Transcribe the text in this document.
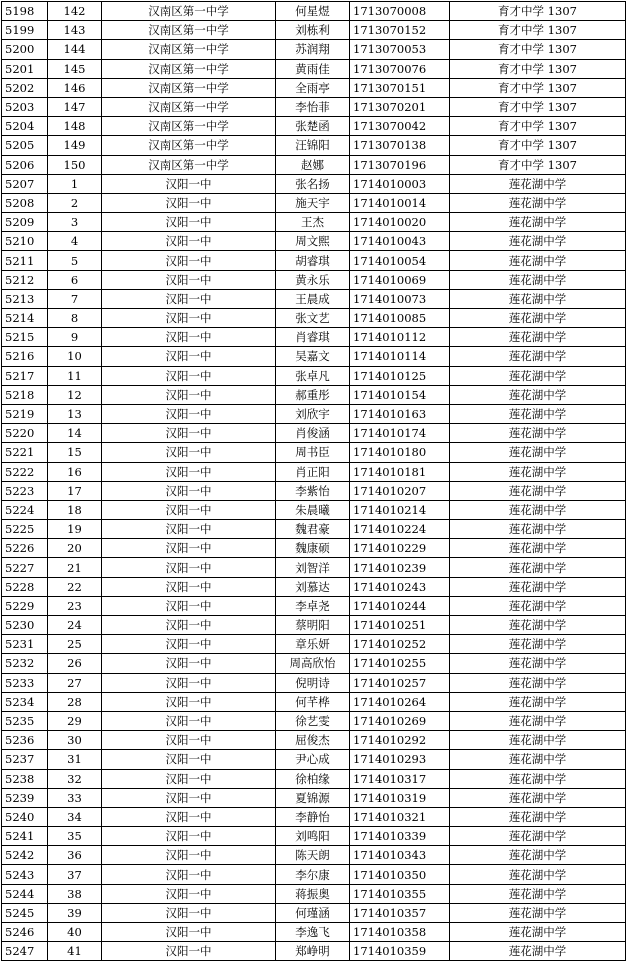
5198	142	汉南区第一中学	何星煜	1713070008	育才中学 1307
5199	143	汉南区第一中学	刘栋利	1713070152	育才中学 1307
5200	144	汉南区第一中学	苏润翔	1713070053	育才中学 1307
5201	145	汉南区第一中学	黄雨佳	1713070076	育才中学 1307
5202	146	汉南区第一中学	全雨亭	1713070151	育才中学 1307
5203	147	汉南区第一中学	李怡菲	1713070201	育才中学 1307
5204	148	汉南区第一中学	张楚函	1713070042	育才中学 1307
5205	149	汉南区第一中学	汪锦阳	1713070138	育才中学 1307
5206	150	汉南区第一中学	赵娜	1713070196	育才中学 1307
5207	1	汉阳一中	张名扬	1714010003	莲花湖中学
5208	2	汉阳一中	施天宇	1714010014	莲花湖中学
5209	3	汉阳一中	王杰	1714010020	莲花湖中学
5210	4	汉阳一中	周文熙	1714010043	莲花湖中学
5211	5	汉阳一中	胡睿琪	1714010054	莲花湖中学
5212	6	汉阳一中	黄永乐	1714010069	莲花湖中学
5213	7	汉阳一中	王晨成	1714010073	莲花湖中学
5214	8	汉阳一中	张文艺	1714010085	莲花湖中学
5215	9	汉阳一中	肖睿琪	1714010112	莲花湖中学
5216	10	汉阳一中	吴嘉文	1714010114	莲花湖中学
5217	11	汉阳一中	张卓凡	1714010125	莲花湖中学
5218	12	汉阳一中	郝重彤	1714010154	莲花湖中学
5219	13	汉阳一中	刘欣宇	1714010163	莲花湖中学
5220	14	汉阳一中	肖俊涵	1714010174	莲花湖中学
5221	15	汉阳一中	周书臣	1714010180	莲花湖中学
5222	16	汉阳一中	肖正阳	1714010181	莲花湖中学
5223	17	汉阳一中	李紫怡	1714010207	莲花湖中学
5224	18	汉阳一中	朱晨曦	1714010214	莲花湖中学
5225	19	汉阳一中	魏君豪	1714010224	莲花湖中学
5226	20	汉阳一中	魏康硕	1714010229	莲花湖中学
5227	21	汉阳一中	刘智洋	1714010239	莲花湖中学
5228	22	汉阳一中	刘慕达	1714010243	莲花湖中学
5229	23	汉阳一中	李卓尧	1714010244	莲花湖中学
5230	24	汉阳一中	蔡明阳	1714010251	莲花湖中学
5231	25	汉阳一中	章乐妍	1714010252	莲花湖中学
5232	26	汉阳一中	周高欣怡	1714010255	莲花湖中学
5233	27	汉阳一中	倪明诗	1714010257	莲花湖中学
5234	28	汉阳一中	何芊桦	1714010264	莲花湖中学
5235	29	汉阳一中	徐艺雯	1714010269	莲花湖中学
5236	30	汉阳一中	屈俊杰	1714010292	莲花湖中学
5237	31	汉阳一中	尹心成	1714010293	莲花湖中学
5238	32	汉阳一中	徐柏缘	1714010317	莲花湖中学
5239	33	汉阳一中	夏锦源	1714010319	莲花湖中学
5240	34	汉阳一中	李静怡	1714010321	莲花湖中学
5241	35	汉阳一中	刘鸣阳	1714010339	莲花湖中学
5242	36	汉阳一中	陈天朗	1714010343	莲花湖中学
5243	37	汉阳一中	李尔康	1714010350	莲花湖中学
5244	38	汉阳一中	蒋振奥	1714010355	莲花湖中学
5245	39	汉阳一中	何瑾涵	1714010357	莲花湖中学
5246	40	汉阳一中	李逸飞	1714010358	莲花湖中学
5247	41	汉阳一中	郑峥明	1714010359	莲花湖中学
